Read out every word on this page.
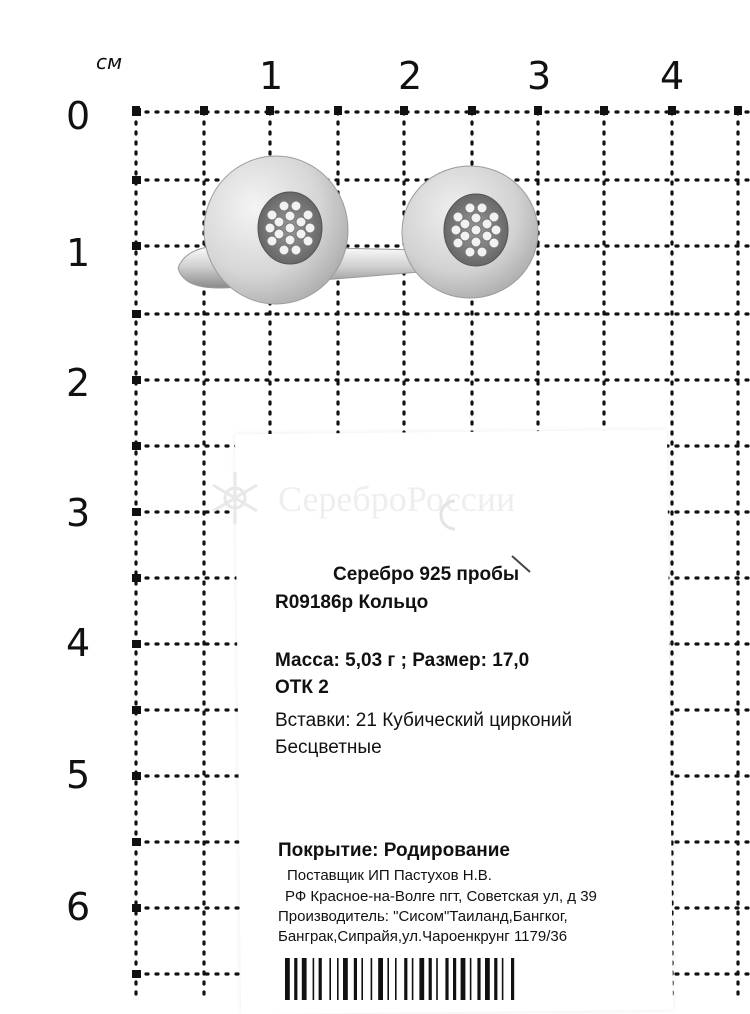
см	1	2	3	4
0
1
2
3
4
5
6
СереброРоссии
Серебро 925 пробы
R09186р Кольцо
Масса: 5,03 г ; Размер: 17,0
ОТК 2
Вставки: 21 Кубический цирконий
Бесцветные
Покрытие: Родирование
Поставщик ИП Пастухов Н.В.
РФ Красное-на-Волге пгт, Советская ул, д 39
Производитель: "Сисом"Таиланд,Бангког,
Банграк,Сипрайя,ул.Чароенкрунг 1179/36
